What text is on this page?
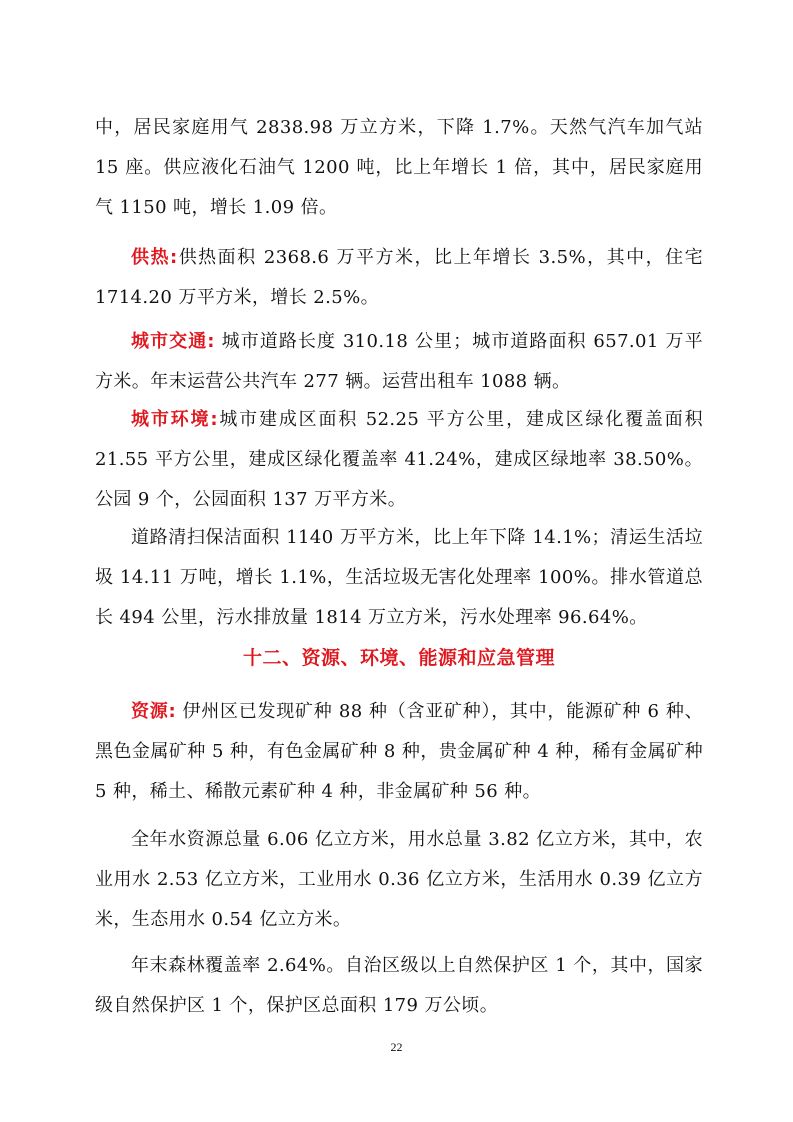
中，居民家庭用气 2838.98 万立方米，下降 1.7%。天然气汽车加气站 15 座。供应液化石油气 1200 吨，比上年增长 1 倍，其中，居民家庭用气 1150 吨，增长 1.09 倍。

供热:供热面积 2368.6 万平方米，比上年增长 3.5%，其中，住宅 1714.20 万平方米，增长 2.5%。

城市交通: 城市道路长度 310.18 公里；城市道路面积 657.01 万平方米。年末运营公共汽车 277 辆。运营出租车 1088 辆。

城市环境:城市建成区面积 52.25 平方公里，建成区绿化覆盖面积 21.55 平方公里，建成区绿化覆盖率 41.24%，建成区绿地率 38.50%。公园 9 个，公园面积 137 万平方米。

道路清扫保洁面积 1140 万平方米，比上年下降 14.1%；清运生活垃圾 14.11 万吨，增长 1.1%，生活垃圾无害化处理率 100%。排水管道总长 494 公里，污水排放量 1814 万立方米，污水处理率 96.64%。

十二、资源、环境、能源和应急管理

资源: 伊州区已发现矿种 88 种（含亚矿种），其中，能源矿种 6 种、黑色金属矿种 5 种，有色金属矿种 8 种，贵金属矿种 4 种，稀有金属矿种 5 种，稀土、稀散元素矿种 4 种，非金属矿种 56 种。

全年水资源总量 6.06 亿立方米，用水总量 3.82 亿立方米，其中，农业用水 2.53 亿立方米，工业用水 0.36 亿立方米，生活用水 0.39 亿立方米，生态用水 0.54 亿立方米。

年末森林覆盖率 2.64%。自治区级以上自然保护区 1 个，其中，国家级自然保护区 1 个，保护区总面积 179 万公顷。

22
